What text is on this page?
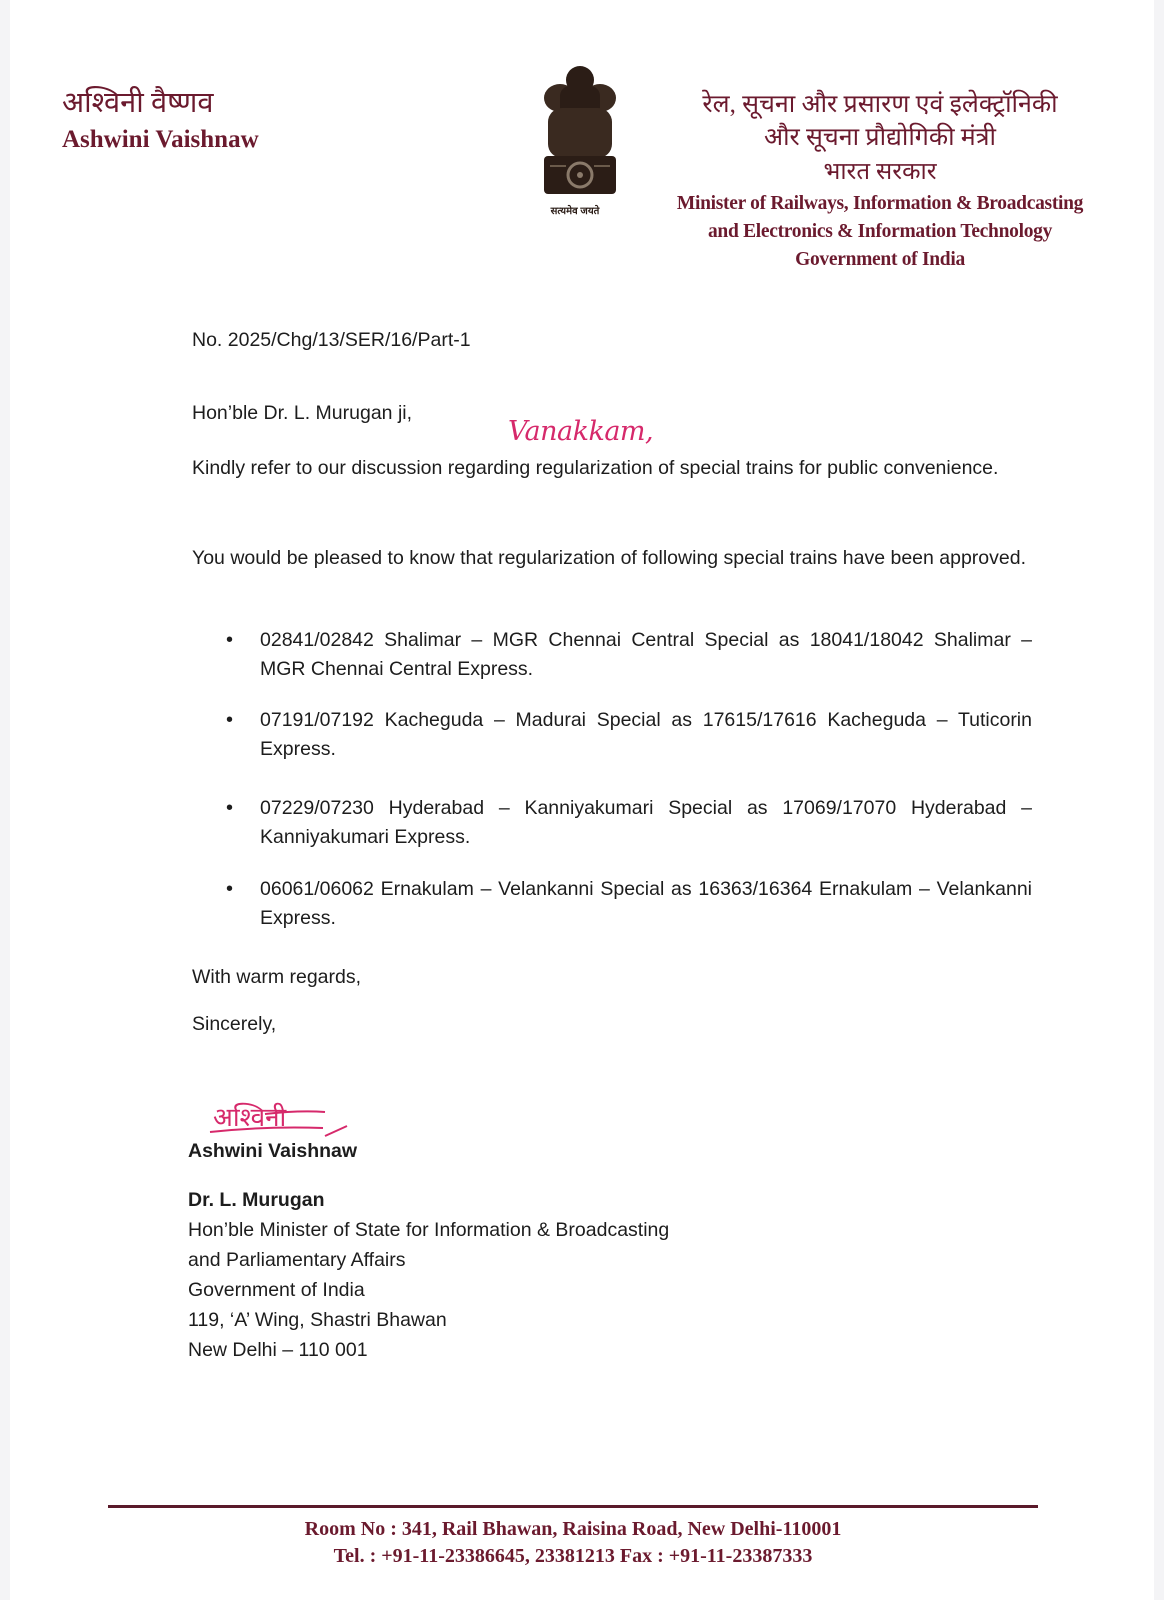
अश्विनी वैष्णव
Ashwini Vaishnaw
सत्यमेव जयते
रेल, सूचना और प्रसारण एवं इलेक्ट्रॉनिकी
और सूचना प्रौद्योगिकी मंत्री
भारत सरकार
Minister of Railways, Information & Broadcasting
and Electronics & Information Technology
Government of India
No. 2025/Chg/13/SER/16/Part-1
Hon’ble Dr. L. Murugan ji,
Vanakkam,
Kindly refer to our discussion regarding regularization of special trains for public convenience.
You would be pleased to know that regularization of following special trains have been approved.
• 02841/02842 Shalimar – MGR Chennai Central Special as 18041/18042 Shalimar – MGR Chennai Central Express.
• 07191/07192 Kacheguda – Madurai Special as 17615/17616 Kacheguda – Tuticorin Express.
• 07229/07230 Hyderabad – Kanniyakumari Special as 17069/17070 Hyderabad – Kanniyakumari Express.
• 06061/06062 Ernakulam – Velankanni Special as 16363/16364 Ernakulam – Velankanni Express.
With warm regards,
Sincerely,
अश्विनी
Ashwini Vaishnaw
Dr. L. Murugan
Hon’ble Minister of State for Information & Broadcasting
and Parliamentary Affairs
Government of India
119, ‘A’ Wing, Shastri Bhawan
New Delhi – 110 001
Room No : 341, Rail Bhawan, Raisina Road, New Delhi-110001
Tel. : +91-11-23386645, 23381213 Fax : +91-11-23387333
